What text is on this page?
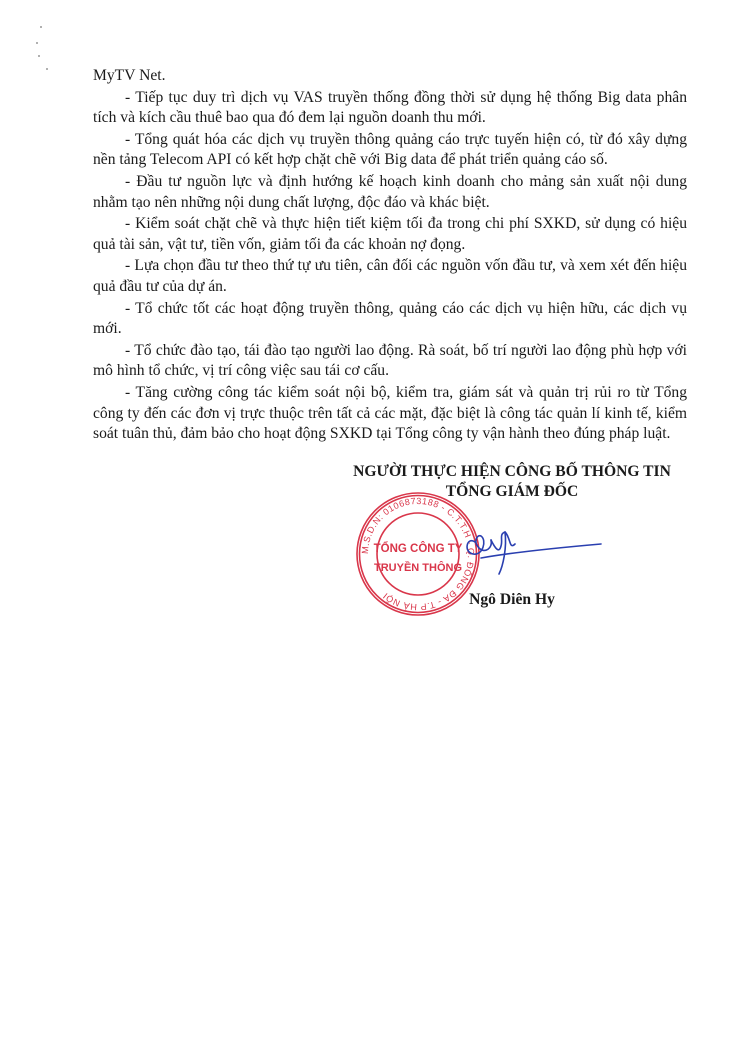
MyTV Net.

- Tiếp tục duy trì dịch vụ VAS truyền thống đồng thời sử dụng hệ thống Big data phân tích và kích cầu thuê bao qua đó đem lại nguồn doanh thu mới.

- Tổng quát hóa các dịch vụ truyền thông quảng cáo trực tuyến hiện có, từ đó xây dựng nền tảng Telecom API có kết hợp chặt chẽ với Big data để phát triển quảng cáo số.

- Đầu tư nguồn lực và định hướng kế hoạch kinh doanh cho mảng sản xuất nội dung nhằm tạo nên những nội dung chất lượng, độc đáo và khác biệt.

- Kiểm soát chặt chẽ và thực hiện tiết kiệm tối đa trong chi phí SXKD, sử dụng có hiệu quả tài sản, vật tư, tiền vốn, giảm tối đa các khoản nợ đọng.

- Lựa chọn đầu tư theo thứ tự ưu tiên, cân đối các nguồn vốn đầu tư, và xem xét đến hiệu quả đầu tư của dự án.

- Tổ chức tốt các hoạt động truyền thông, quảng cáo các dịch vụ hiện hữu, các dịch vụ mới.

- Tổ chức đào tạo, tái đào tạo người lao động. Rà soát, bố trí người lao động phù hợp với mô hình tổ chức, vị trí công việc sau tái cơ cấu.

- Tăng cường công tác kiểm soát nội bộ, kiểm tra, giám sát và quản trị rủi ro từ Tổng công ty đến các đơn vị trực thuộc trên tất cả các mặt, đặc biệt là công tác quản lí kinh tế, kiểm soát tuân thủ, đảm bảo cho hoạt động SXKD tại Tổng công ty vận hành theo đúng pháp luật.

NGƯỜI THỰC HIỆN CÔNG BỐ THÔNG TIN

TỔNG GIÁM ĐỐC

Ngô Diên Hy

M.S.D.N: 0106873188 - C.T.T.H - Q. ĐỐNG ĐA - T.P HÀ NỘI
TỔNG CÔNG TY
TRUYỀN THÔNG
